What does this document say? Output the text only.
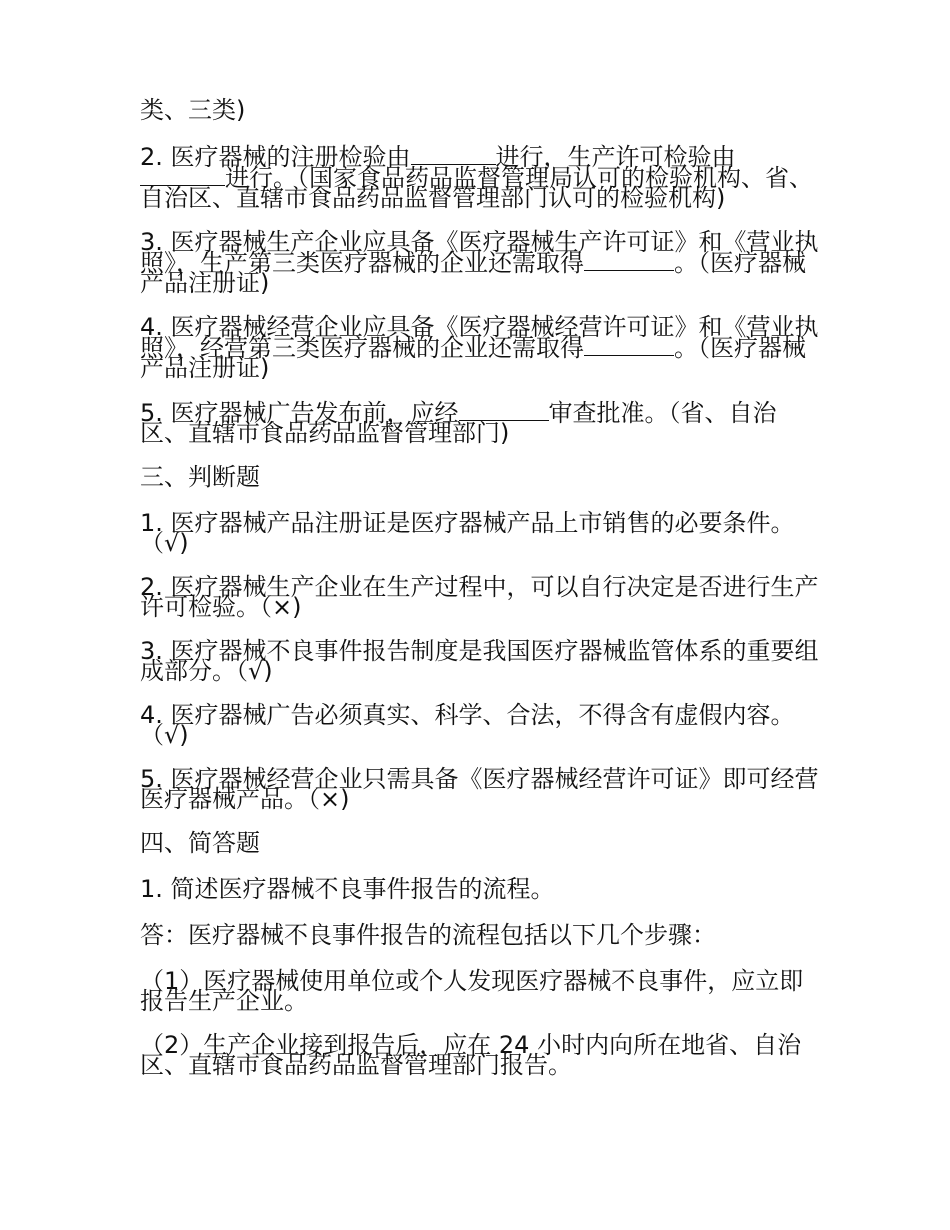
类、三类)

2. 医疗器械的注册检验由	进行，生产许可检验由进行。（国家食品药品监督管理局认可的检验机构、省、自治区、直辖市食品药品监督管理部门认可的检验机构)

3. 医疗器械生产企业应具备《医疗器械生产许可证》和《营业执照》，生产第三类医疗器械的企业还需取得	。（医疗器械产品注册证)

4. 医疗器械经营企业应具备《医疗器械经营许可证》和《营业执照》，经营第三类医疗器械的企业还需取得	。（医疗器械产品注册证)

5. 医疗器械广告发布前，应经	审查批准。（省、自治区、直辖市食品药品监督管理部门)

三、判断题

1. 医疗器械产品注册证是医疗器械产品上市销售的必要条件。（√)

2. 医疗器械生产企业在生产过程中，可以自行决定是否进行生产许可检验。（×)

3. 医疗器械不良事件报告制度是我国医疗器械监管体系的重要组成部分。（√)

4. 医疗器械广告必须真实、科学、合法，不得含有虚假内容。（√)

5. 医疗器械经营企业只需具备《医疗器械经营许可证》即可经营医疗器械产品。（×)

四、简答题

1. 简述医疗器械不良事件报告的流程。

答：医疗器械不良事件报告的流程包括以下几个步骤：

（1）医疗器械使用单位或个人发现医疗器械不良事件，应立即报告生产企业。

（2）生产企业接到报告后，应在 24 小时内向所在地省、自治区、直辖市食品药品监督管理部门报告。
